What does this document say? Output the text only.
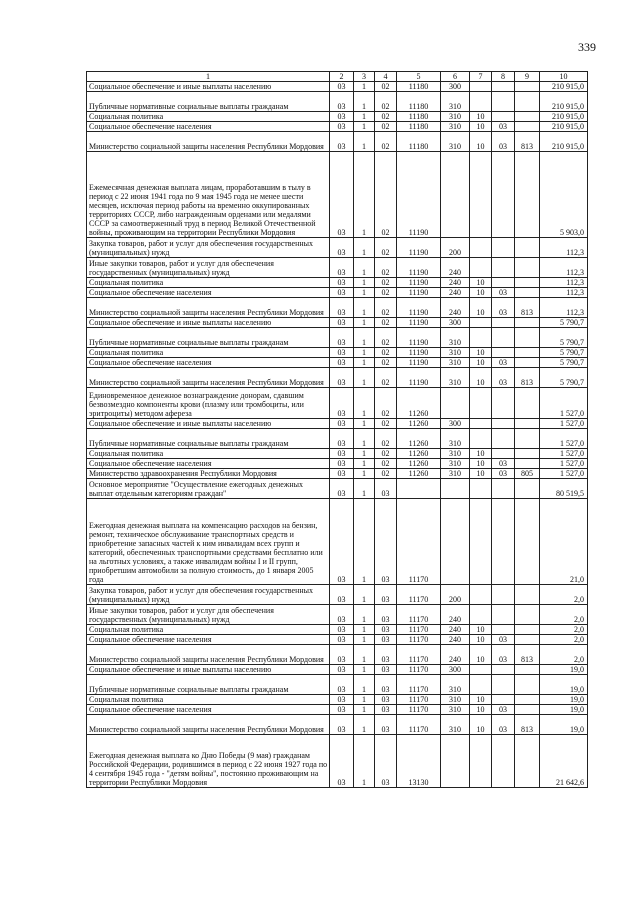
339
1	2	3	4	5	6	7	8	9	10
Социальное обеспечение и иные выплаты населению	03	1	02	11180	300				210 915,0
Публичные нормативные социальные выплаты гражданам	03	1	02	11180	310				210 915,0
Социальная политика	03	1	02	11180	310	10			210 915,0
Социальное обеспечение населения	03	1	02	11180	310	10	03		210 915,0
Министерство социальной защиты населения Республики Мордовия	03	1	02	11180	310	10	03	813	210 915,0
Ежемесячная денежная выплата лицам, проработавшим в тылу в период с 22 июня 1941 года по 9 мая 1945 года не менее шести месяцев, исключая период работы на временно оккупированных территориях СССР, либо награжденным орденами или медалями СССР за самоотверженный труд в период Великой Отечественной войны, проживающим на территории Республики Мордовия	03	1	02	11190					5 903,0
Закупка товаров, работ и услуг для обеспечения государственных (муниципальных) нужд	03	1	02	11190	200				112,3
Иные закупки товаров, работ и услуг для обеспечения государственных (муниципальных) нужд	03	1	02	11190	240				112,3
Социальная политика	03	1	02	11190	240	10			112,3
Социальное обеспечение населения	03	1	02	11190	240	10	03		112,3
Министерство социальной защиты населения Республики Мордовия	03	1	02	11190	240	10	03	813	112,3
Социальное обеспечение и иные выплаты населению	03	1	02	11190	300				5 790,7
Публичные нормативные социальные выплаты гражданам	03	1	02	11190	310				5 790,7
Социальная политика	03	1	02	11190	310	10			5 790,7
Социальное обеспечение населения	03	1	02	11190	310	10	03		5 790,7
Министерство социальной защиты населения Республики Мордовия	03	1	02	11190	310	10	03	813	5 790,7
Единовременное денежное вознаграждение донорам, сдавшим безвозмездно компоненты крови (плазму или тромбоциты, или эритроциты) методом афереза	03	1	02	11260					1 527,0
Социальное обеспечение и иные выплаты населению	03	1	02	11260	300				1 527,0
Публичные нормативные социальные выплаты гражданам	03	1	02	11260	310				1 527,0
Социальная политика	03	1	02	11260	310	10			1 527,0
Социальное обеспечение населения	03	1	02	11260	310	10	03		1 527,0
Министерство здравоохранения Республики Мордовия	03	1	02	11260	310	10	03	805	1 527,0
Основное мероприятие "Осуществление ежегодных денежных выплат отдельным категориям граждан"	03	1	03						80 519,5
Ежегодная денежная выплата на компенсацию расходов на бензин, ремонт, техническое обслуживание транспортных средств и приобретение запасных частей к ним инвалидам всех групп и категорий, обеспеченных транспортными средствами бесплатно или на льготных условиях, а также инвалидам войны I и II групп, приобретшим автомобили за полную стоимость, до 1 января 2005 года	03	1	03	11170					21,0
Закупка товаров, работ и услуг для обеспечения государственных (муниципальных) нужд	03	1	03	11170	200				2,0
Иные закупки товаров, работ и услуг для обеспечения государственных (муниципальных) нужд	03	1	03	11170	240				2,0
Социальная политика	03	1	03	11170	240	10			2,0
Социальное обеспечение населения	03	1	03	11170	240	10	03		2,0
Министерство социальной защиты населения Республики Мордовия	03	1	03	11170	240	10	03	813	2,0
Социальное обеспечение и иные выплаты населению	03	1	03	11170	300				19,0
Публичные нормативные социальные выплаты гражданам	03	1	03	11170	310				19,0
Социальная политика	03	1	03	11170	310	10			19,0
Социальное обеспечение населения	03	1	03	11170	310	10	03		19,0
Министерство социальной защиты населения Республики Мордовия	03	1	03	11170	310	10	03	813	19,0
Ежегодная денежная выплата ко Дню Победы (9 мая) гражданам Российской Федерации, родившимся в период с 22 июня 1927 года по 4 сентября 1945 года - "детям войны", постоянно проживающим на территории Республики Мордовия	03	1	03	13130					21 642,6
